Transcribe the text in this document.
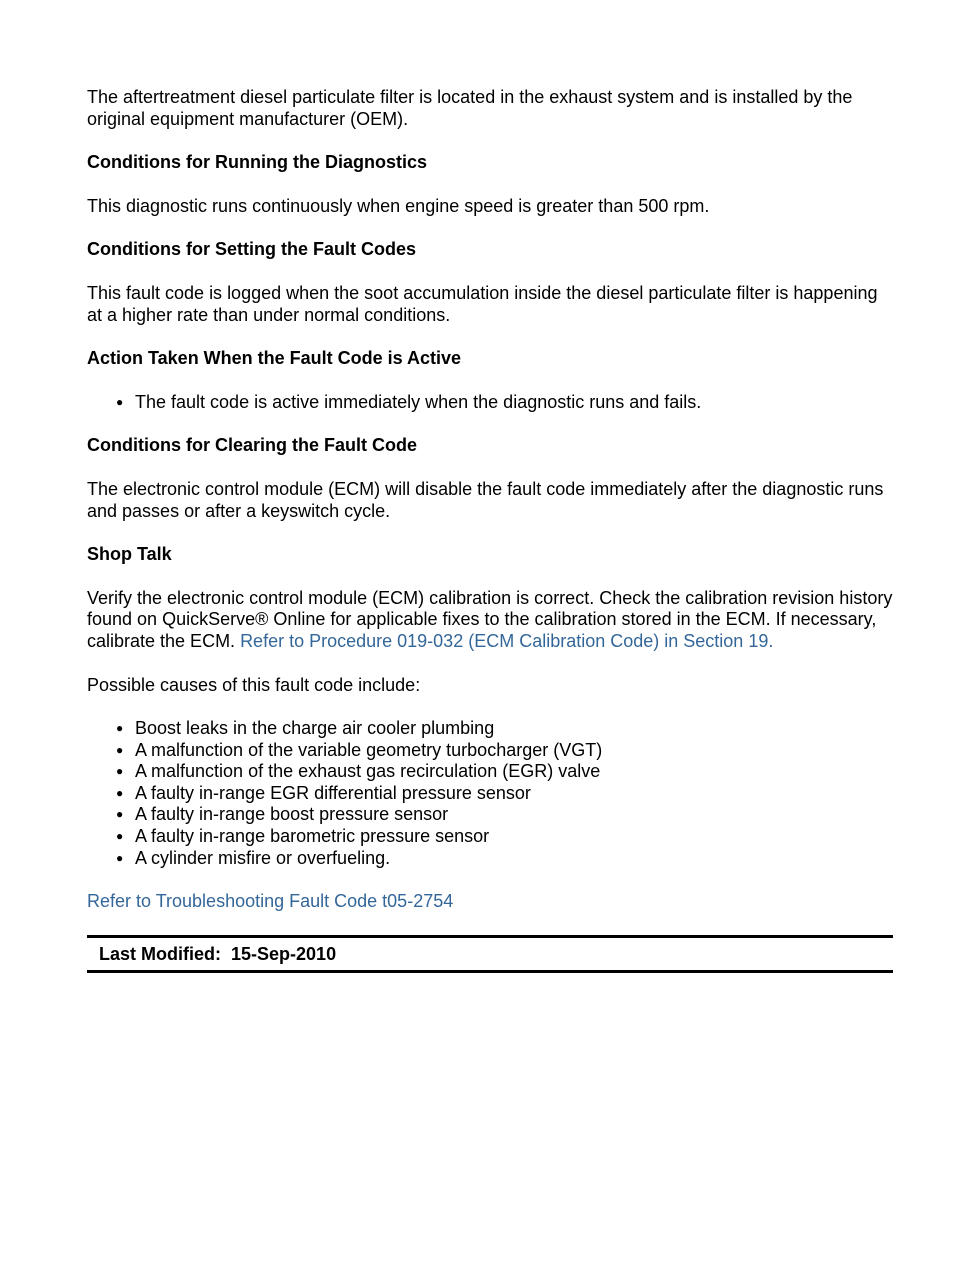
The aftertreatment diesel particulate filter is located in the exhaust system and is installed by the original equipment manufacturer (OEM).

Conditions for Running the Diagnostics

This diagnostic runs continuously when engine speed is greater than 500 rpm.

Conditions for Setting the Fault Codes

This fault code is logged when the soot accumulation inside the diesel particulate filter is happening at a higher rate than under normal conditions.

Action Taken When the Fault Code is Active
● The fault code is active immediately when the diagnostic runs and fails.
Conditions for Clearing the Fault Code

The electronic control module (ECM) will disable the fault code immediately after the diagnostic runs and passes or after a keyswitch cycle.

Shop Talk

Verify the electronic control module (ECM) calibration is correct. Check the calibration revision history found on QuickServe® Online for applicable fixes to the calibration stored in the ECM. If necessary, calibrate the ECM. Refer to Procedure 019-032 (ECM Calibration Code) in Section 19.

Possible causes of this fault code include:

● Boost leaks in the charge air cooler plumbing
● A malfunction of the variable geometry turbocharger (VGT)
● A malfunction of the exhaust gas recirculation (EGR) valve
● A faulty in-range EGR differential pressure sensor
● A faulty in-range boost pressure sensor
● A faulty in-range barometric pressure sensor
● A cylinder misfire or overfueling.

Refer to Troubleshooting Fault Code t05-2754

Last Modified: 15-Sep-2010
